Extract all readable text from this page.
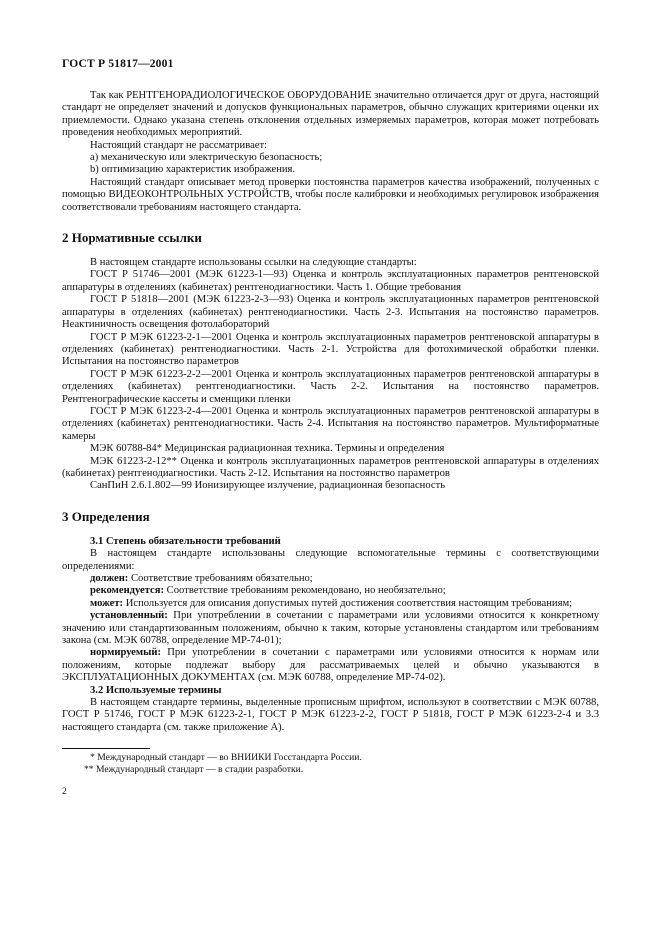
ГОСТ Р 51817—2001

Так как РЕНТГЕНОРАДИОЛОГИЧЕСКОЕ ОБОРУДОВАНИЕ значительно отличается друг от друга, настоящий стандарт не определяет значений и допусков функциональных параметров, обычно служащих критериями оценки их приемлемости. Однако указана степень отклонения отдельных измеряемых параметров, которая может потребовать проведения необходимых мероприятий.

Настоящий стандарт не рассматривает:

a) механическую или электрическую безопасность;

b) оптимизацию характеристик изображения.

Настоящий стандарт описывает метод проверки постоянства параметров качества изображений, полученных с помощью ВИДЕОКОНТРОЛЬНЫХ УСТРОЙСТВ, чтобы после калибровки и необходимых регулировок изображения соответствовали требованиям настоящего стандарта.

2 Нормативные ссылки

В настоящем стандарте использованы ссылки на следующие стандарты:

ГОСТ Р 51746—2001 (МЭК 61223-1—93) Оценка и контроль эксплуатационных параметров рентгеновской аппаратуры в отделениях (кабинетах) рентгенодиагностики. Часть 1. Общие требования

ГОСТ Р 51818—2001 (МЭК 61223-2-3—93) Оценка и контроль эксплуатационных параметров рентгеновской аппаратуры в отделениях (кабинетах) рентгенодиагностики. Часть 2-3. Испытания на постоянство параметров. Неактиничность освещения фотолабораторий

ГОСТ Р МЭК 61223-2-1—2001 Оценка и контроль эксплуатационных параметров рентгеновской аппаратуры в отделениях (кабинетах) рентгенодиагностики. Часть 2-1. Устройства для фотохимической обработки пленки. Испытания на постоянство параметров

ГОСТ Р МЭК 61223-2-2—2001 Оценка и контроль эксплуатационных параметров рентгеновской аппаратуры в отделениях (кабинетах) рентгенодиагностики. Часть 2-2. Испытания на постоянство параметров. Рентгенографические кассеты и сменщики пленки

ГОСТ Р МЭК 61223-2-4—2001 Оценка и контроль эксплуатационных параметров рентгеновской аппаратуры в отделениях (кабинетах) рентгенодиагностики. Часть 2-4. Испытания на постоянство параметров. Мультиформатные камеры

МЭК 60788-84* Медицинская радиационная техника. Термины и определения

МЭК 61223-2-12** Оценка и контроль эксплуатационных параметров рентгеновской аппаратуры в отделениях (кабинетах) рентгенодиагностики. Часть 2-12. Испытания на постоянство параметров

СанПиН 2.6.1.802—99 Ионизирующее излучение, радиационная безопасность

3 Определения
3.1 Степень обязательности требований

В настоящем стандарте использованы следующие вспомогательные термины с соответствующими определениями:

должен: Соответствие требованиям обязательно;

рекомендуется: Соответствие требованиям рекомендовано, но необязательно;

может: Используется для описания допустимых путей достижения соответствия настоящим требованиям;

установленный: При употреблении в сочетании с параметрами или условиями относится к конкретному значению или стандартизованным положениям, обычно к таким, которые установлены стандартом или требованиям закона (см. МЭК 60788, определение MP-74-01);

нормируемый: При употреблении в сочетании с параметрами или условиями относится к нормам или положениям, которые подлежат выбору для рассматриваемых целей и обычно указываются в ЭКСПЛУАТАЦИОННЫХ ДОКУМЕНТАХ (см. МЭК 60788, определение MP-74-02).

3.2 Используемые термины

В настоящем стандарте термины, выделенные прописным шрифтом, используют в соответствии с МЭК 60788, ГОСТ Р 51746, ГОСТ Р МЭК 61223-2-1, ГОСТ Р МЭК 61223-2-2, ГОСТ Р 51818, ГОСТ Р МЭК 61223-2-4 и 3.3 настоящего стандарта (см. также приложение А).

* Международный стандарт — во ВНИИКИ Госстандарта России.
** Международный стандарт — в стадии разработки.
2
